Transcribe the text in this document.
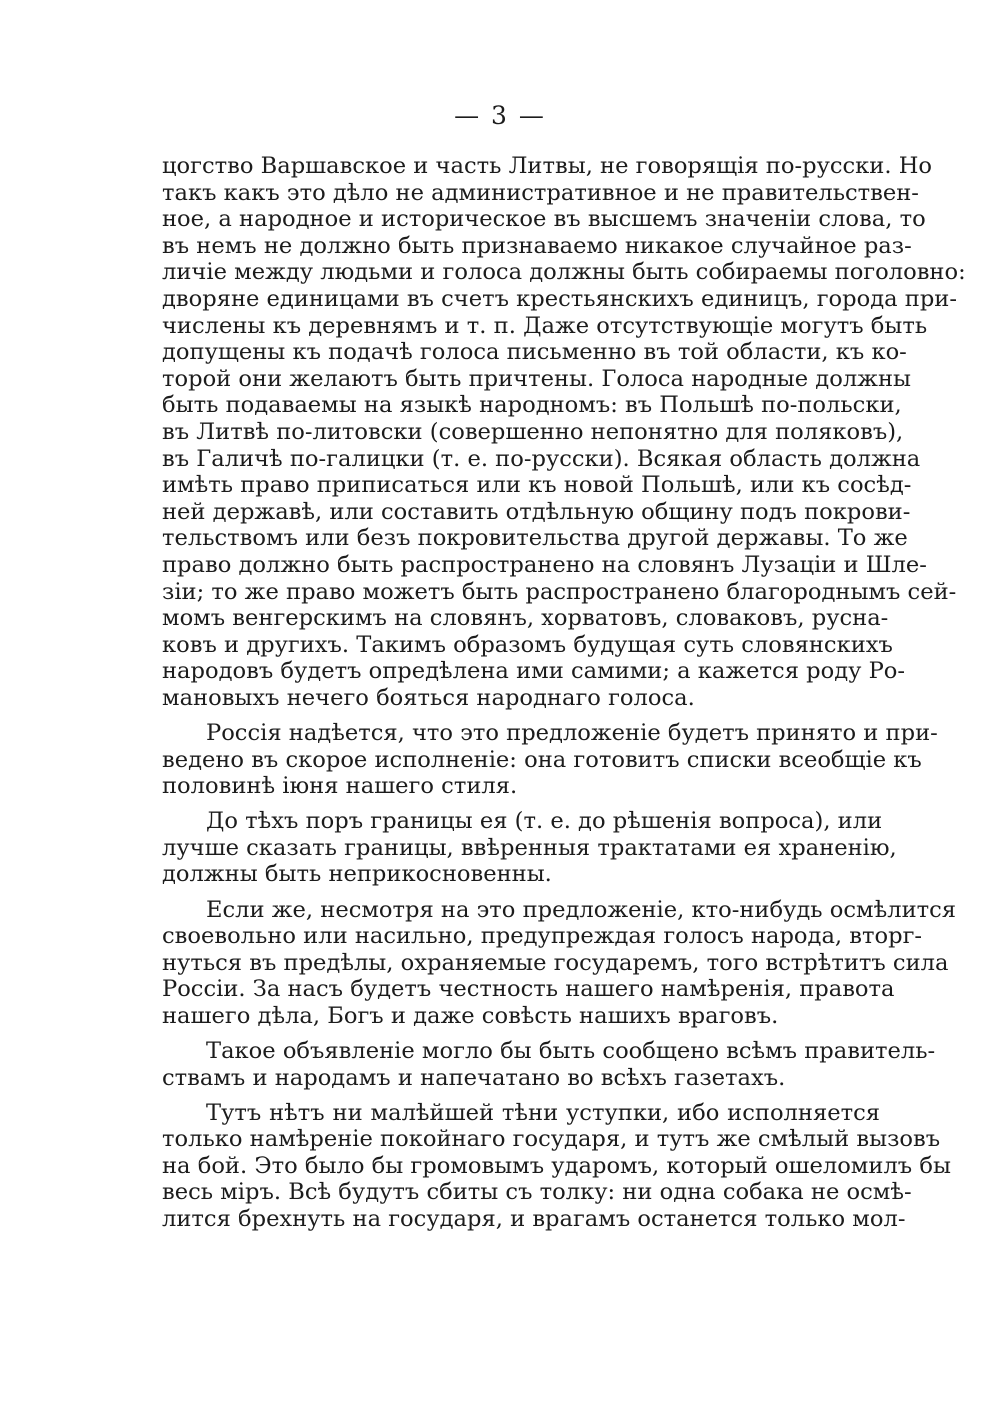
— 3 —

цогство Варшавское и часть Литвы, не говорящія по-русски. Но
такъ какъ это дѣло не административное и не правительствен-
ное, а народное и историческое въ высшемъ значеніи слова, то
въ немъ не должно быть признаваемо никакое случайное раз-
личіе между людьми и голоса должны быть собираемы поголовно:
дворяне единицами въ счетъ крестьянскихъ единицъ, города при-
числены къ деревнямъ и т. п. Даже отсутствующіе могутъ быть
допущены къ подачѣ голоса письменно въ той области, къ ко-
торой они желаютъ быть причтены. Голоса народные должны
быть подаваемы на языкѣ народномъ: въ Польшѣ по-польски,
въ Литвѣ по-литовски (совершенно непонятно для поляковъ),
въ Галичѣ по-галицки (т. е. по-русски). Всякая область должна
имѣть право приписаться или къ новой Польшѣ, или къ сосѣд-
ней державѣ, или составить отдѣльную общину подъ покрови-
тельствомъ или безъ покровительства другой державы. То же
право должно быть распространено на словянъ Лузаціи и Шле-
зіи; то же право можетъ быть распространено благороднымъ сей-
момъ венгерскимъ на словянъ, хорватовъ, словаковъ, русна-
ковъ и другихъ. Такимъ образомъ будущая суть словянскихъ
народовъ будетъ опредѣлена ими самими; а кажется роду Ро-
мановыхъ нечего бояться народнаго голоса.

Россія надѣется, что это предложеніе будетъ принято и при-
ведено въ скорое исполненіе: она готовитъ списки всеобщіе къ
половинѣ іюня нашего стиля.

До тѣхъ поръ границы ея (т. е. до рѣшенія вопроса), или
лучше сказать границы, ввѣренныя трактатами ея храненію,
должны быть неприкосновенны.

Если же, несмотря на это предложеніе, кто-нибудь осмѣлится
своевольно или насильно, предупреждая голосъ народа, вторг-
нуться въ предѣлы, охраняемые государемъ, того встрѣтитъ сила
Россіи. За насъ будетъ честность нашего намѣренія, правота
нашего дѣла, Богъ и даже совѣсть нашихъ враговъ.

Такое объявленіе могло бы быть сообщено всѣмъ правитель-
ствамъ и народамъ и напечатано во всѣхъ газетахъ.

Тутъ нѣтъ ни малѣйшей тѣни уступки, ибо исполняется
только намѣреніе покойнаго государя, и тутъ же смѣлый вызовъ
на бой. Это было бы громовымъ ударомъ, который ошеломилъ бы
весь міръ. Всѣ будутъ сбиты съ толку: ни одна собака не осмѣ-
лится брехнуть на государя, и врагамъ останется только мол-
